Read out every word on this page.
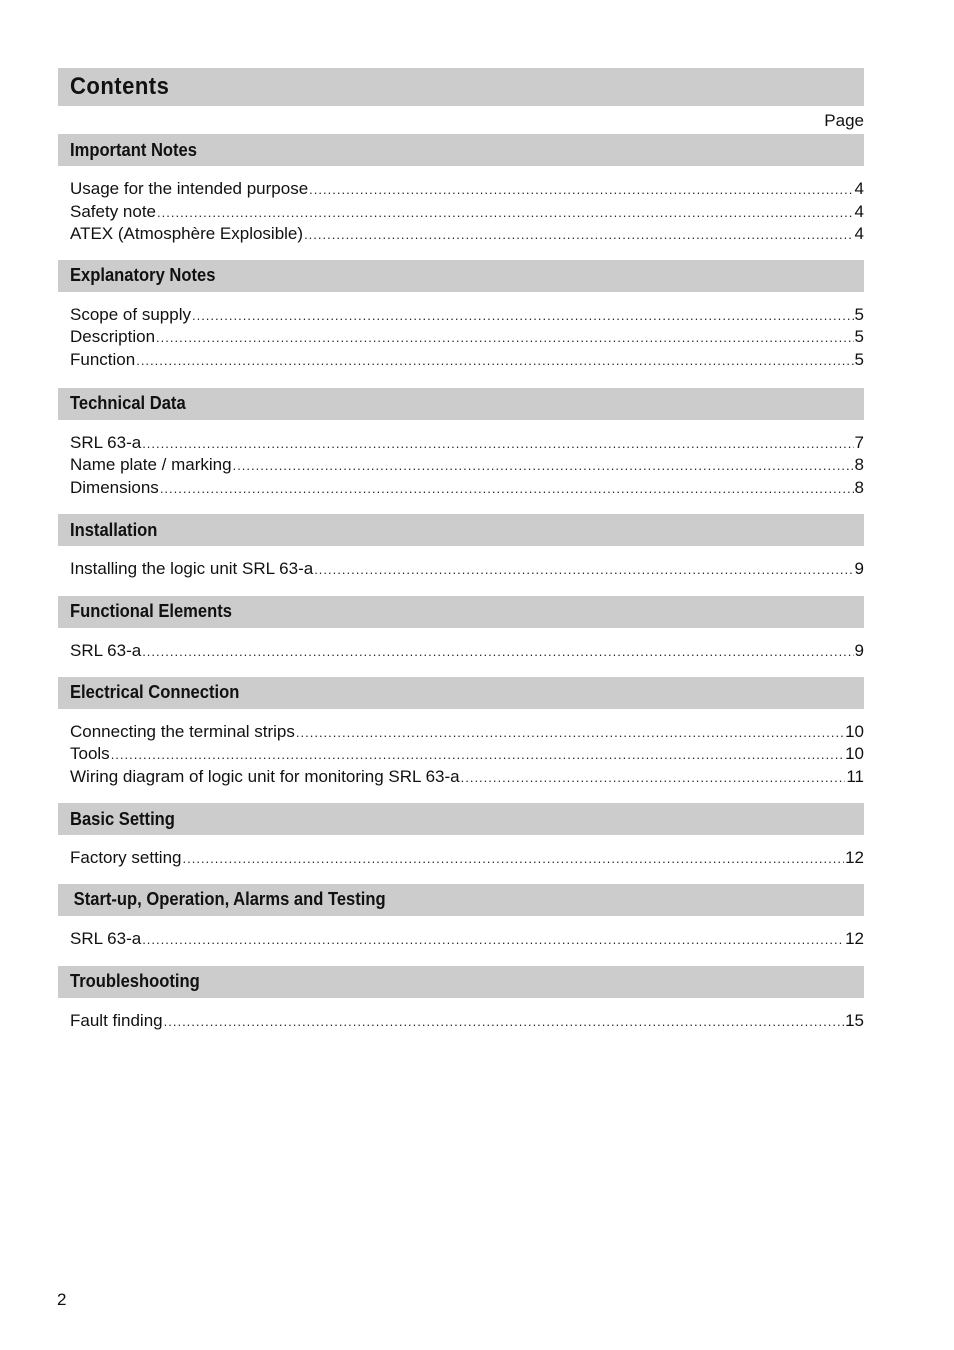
Contents
Page
Important Notes
Usage for the intended purpose .....	4
Safety note .....	4
ATEX (Atmosphère Explosible) .....	4
Explanatory Notes
Scope of supply .....	5
Description .....	5
Function .....	5
Technical Data
SRL 63-a .....	7
Name plate / marking .....	8
Dimensions .....	8
Installation
Installing the logic unit SRL 63-a .....	9
Functional Elements
SRL 63-a .....	9
Electrical Connection
Connecting the terminal strips .....	10
Tools .....	10
Wiring diagram of logic unit for monitoring SRL 63-a .....	11
Basic Setting
Factory setting .....	12
Start-up, Operation, Alarms and Testing
SRL 63-a .....	12
Troubleshooting
Fault finding .....	15
2
